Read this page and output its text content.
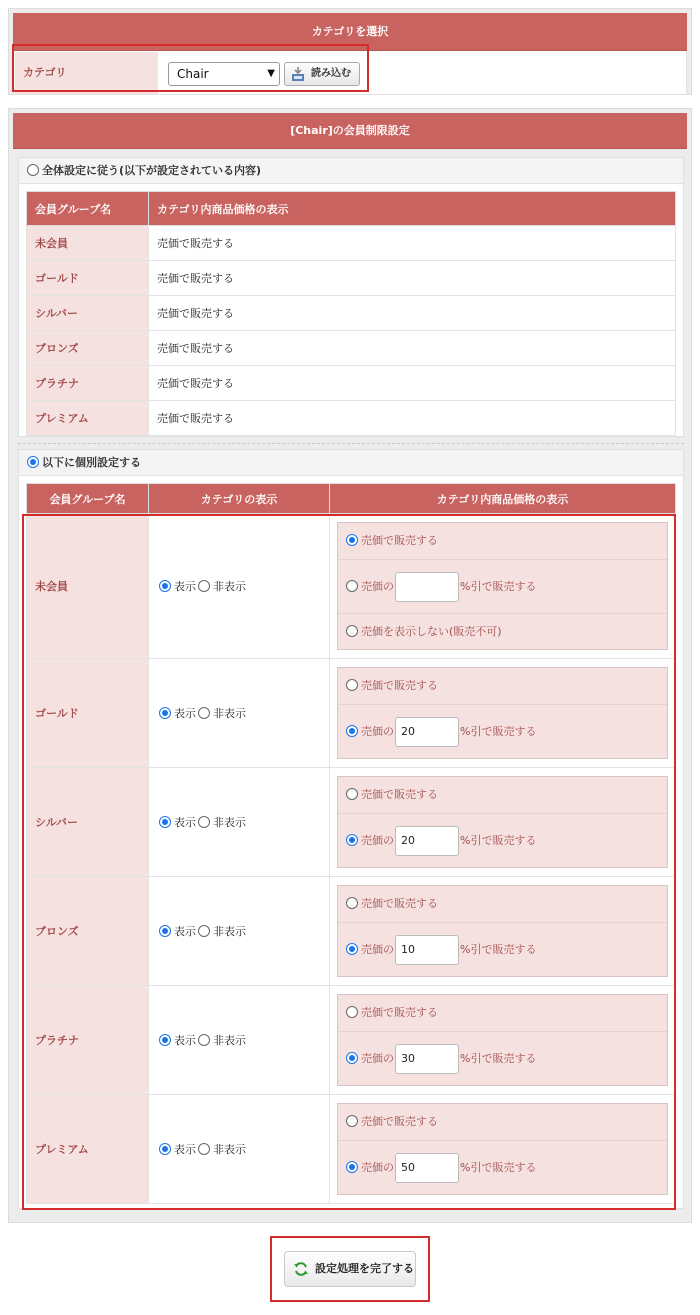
カテゴリを選択
カテゴリ	Chair	▼	読み込む
[Chair]の会員制限設定
全体設定に従う(以下が設定されている内容)
会員グループ名	カテゴリ内商品価格の表示
未会員	売価で販売する
ゴールド	売価で販売する
シルバー	売価で販売する
ブロンズ	売価で販売する
プラチナ	売価で販売する
プレミアム	売価で販売する
以下に個別設定する
会員グループ名	カテゴリの表示	カテゴリ内商品価格の表示
未会員	表示 非表示	売価で販売する
売価の %引で販売する
売価を表示しない(販売不可)

ゴールド	表示 非表示	売価で販売する
売価の 20 %引で販売する

シルバー	表示 非表示	売価で販売する
売価の 20 %引で販売する

ブロンズ	表示 非表示	売価で販売する
売価の 10 %引で販売する

プラチナ	表示 非表示	売価で販売する
売価の 30 %引で販売する

プレミアム	表示 非表示	売価で販売する
売価の 50 %引で販売する
設定処理を完了する
